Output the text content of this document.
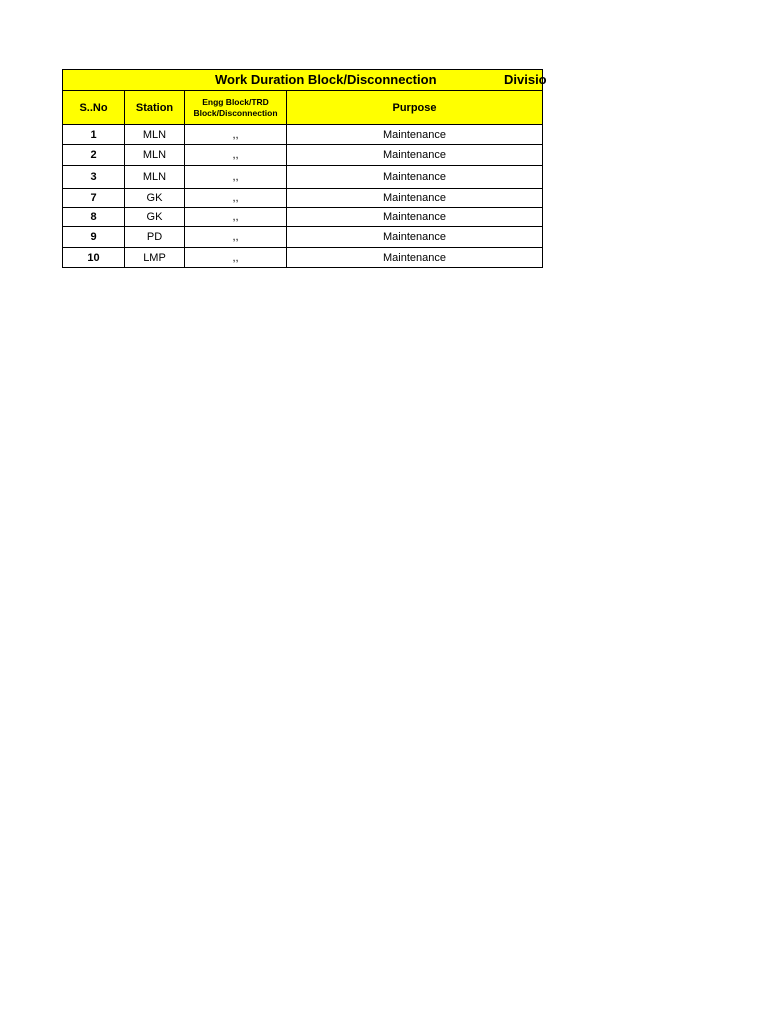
Work Duration Block/Disconnection Divisio			

S..No	Station	Engg Block/TRD Block/Disconnection	Purpose
1	MLN	,,	Maintenance
2	MLN	,,	Maintenance
3	MLN	,,	Maintenance
7	GK	,,	Maintenance
8	GK	,,	Maintenance
9	PD	,,	Maintenance
10	LMP	,,	Maintenance
